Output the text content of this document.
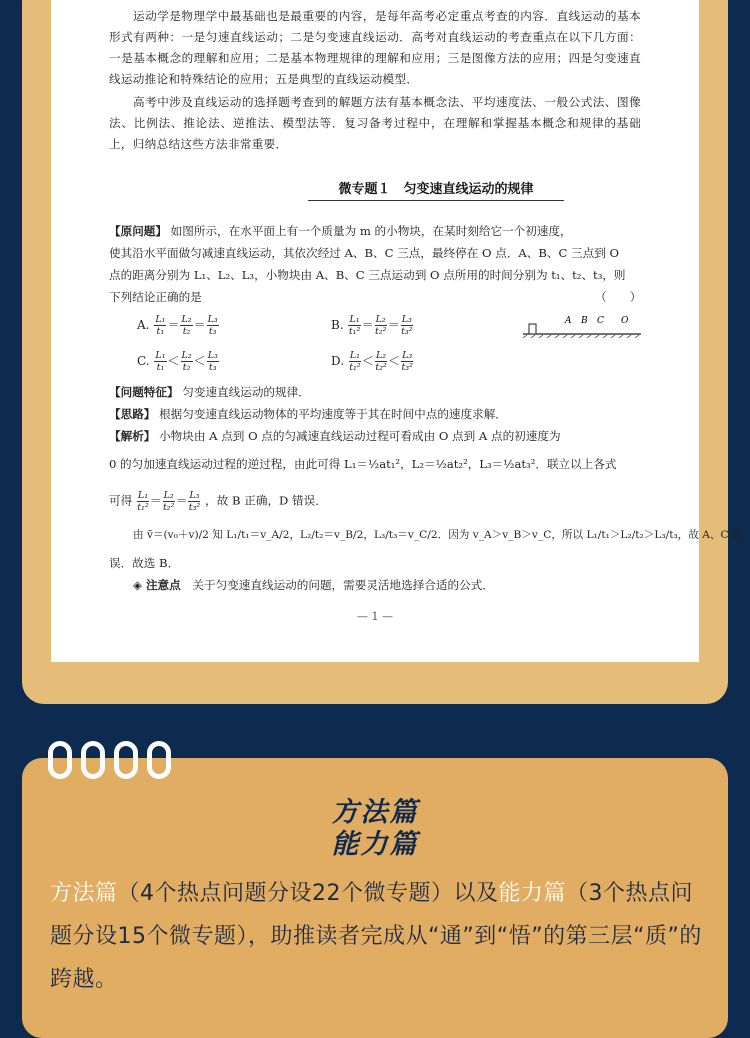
运动学是物理学中最基础也是最重要的内容，是每年高考必定重点考查的内容．直线运动的基本形式有两种：一是匀速直线运动；二是匀变速直线运动．高考对直线运动的考查重点在以下几方面：一是基本概念的理解和应用；二是基本物理规律的理解和应用；三是图像方法的应用；四是匀变速直线运动推论和特殊结论的应用；五是典型的直线运动模型．

高考中涉及直线运动的选择题考查到的解题方法有基本概念法、平均速度法、一般公式法、图像法、比例法、推论法、逆推法、模型法等．复习备考过程中，在理解和掌握基本概念和规律的基础上，归纳总结这些方法非常重要．

微专题１　匀变速直线运动的规律
【原问题】 如图所示，在水平面上有一个质量为 m 的小物块，在某时刻给它一个初速度，
使其沿水平面做匀减速直线运动，其依次经过 A、B、C 三点，最终停在 O 点．A、B、C 三点到 O
点的距离分别为 L₁、L₂、L₃，小物块由 A、B、C 三点运动到 O 点所用的时间分别为 t₁、t₂、t₃，则
下列结论正确的是	（　　）
A. $\frac{\text{L₁}}{\text{t₁}} = \frac{\text{L₂}}{\text{t₂}} = \frac{\text{L₃}}{\text{t₃}}$	B. $\frac{\text{L₁}}{\text{t₁²}} = \frac{\text{L₂}}{\text{t₂²}} = \frac{\text{L₃}}{\text{t₃²}}$
C. $\frac{\text{L₁}}{\text{t₁}} < \frac{\text{L₂}}{\text{t₂}} < \frac{\text{L₃}}{\text{t₃}}$	D. $\frac{\text{L₁}}{\text{t₁²}} < \frac{\text{L₂}}{\text{t₂²}} < \frac{\text{L₃}}{\text{t₃²}}$
A B C O
【问题特征】 匀变速直线运动的规律．
【思路】 根据匀变速直线运动物体的平均速度等于其在时间中点的速度求解．
【解析】 小物块由 A 点到 O 点的匀减速直线运动过程可看成由 O 点到 A 点的初速度为
0 的匀加速直线运动过程的逆过程，由此可得 L₁＝½at₁²，L₂＝½at₂²，L₃＝½at₃²．联立以上各式
可得 $\frac{\text{L₁}}{\text{t₁²}} = \frac{\text{L₂}}{\text{t₂²}} = \frac{\text{L₃}}{\text{t₃²}}$ ，故 B 正确，D 错误．
由 v̄＝(v₀＋v)/2 知 L₁/t₁＝v_A/2，L₂/t₂＝v_B/2，L₃/t₃＝v_C/2．因为 v_A＞v_B＞v_C，所以 L₁/t₁＞L₂/t₂＞L₃/t₃，故 A、C 错
误．故选 B．
◈ 注意点 关于匀变速直线运动的问题，需要灵活地选择合适的公式．
— 1 —
方法篇
能力篇

方法篇（4个热点问题分设22个微专题）以及能力篇（3个热点问题分设15个微专题），助推读者完成从“通”到“悟”的第三层“质”的跨越。
